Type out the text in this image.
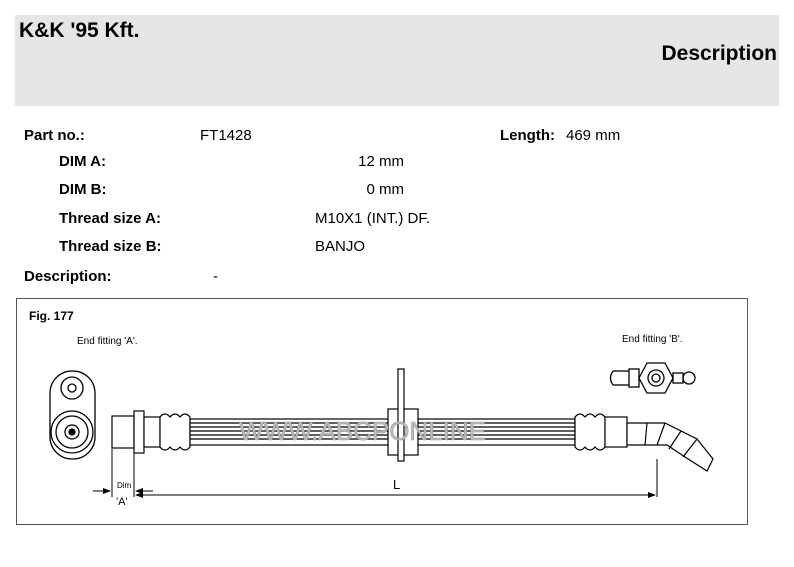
K&K '95 Kft.
Description
Part no.:	FT1428	Length: 469 mm
DIM A:	12 mm
DIM B:	0 mm
Thread size A:	M10X1 (INT.) DF.
Thread size B:	BANJO
Description:	-
Fig. 177
End fitting 'A'.	End fitting 'B'.
WWW.ABCPONLINE
Dim
'A'
L
